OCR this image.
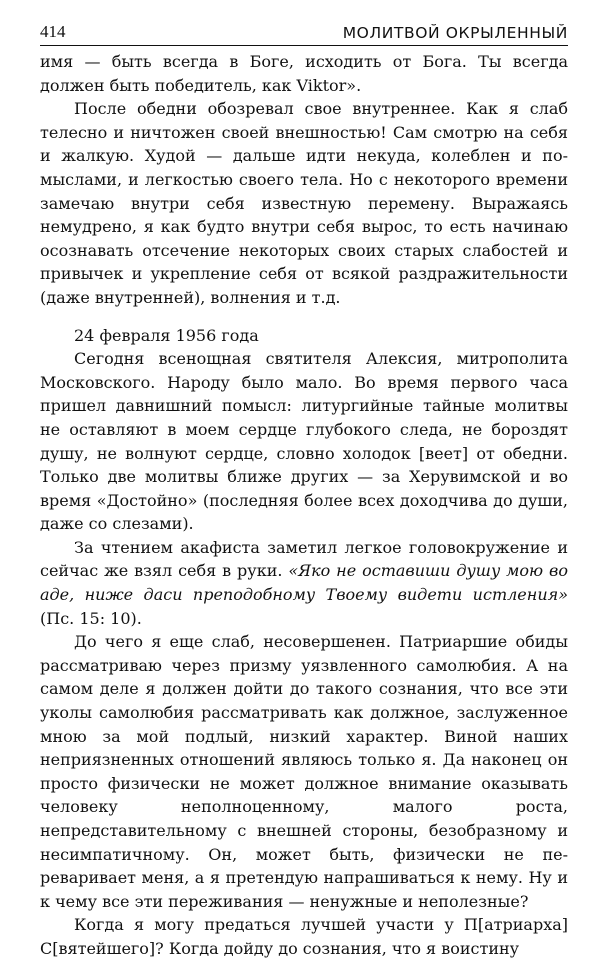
414	МОЛИТВОЙ ОКРЫЛЕННЫЙ

имя — быть всегда в Боге, исходить от Бога. Ты всегда должен быть победитель, как Viktor».

После обедни обозревал свое внутреннее. Как я слаб телесно и ничтожен своей внешностью! Сам смотрю на себя и жалкую. Худой — дальше идти некуда, колеблен и помыслами, и легкостью своего тела. Но с некоторого времени замечаю внутри себя известную перемену. Выражаясь немудрено, я как будто внутри себя вырос, то есть начинаю осознавать отсечение некоторых своих старых слабостей и привычек и укрепление себя от всякой раздражительности (даже внутренней), волнения и т.д.

24 февраля 1956 года

Сегодня всенощная святителя Алексия, митрополита Московского. Народу было мало. Во время первого часа пришел давнишний помысл: литургийные тайные молитвы не оставляют в моем сердце глубокого следа, не бороздят душу, не волнуют сердце, словно холодок [веет] от обедни. Только две молитвы ближе других — за Херувимской и во время «Достойно» (последняя более всех доходчива до души, даже со слезами).

За чтением акафиста заметил легкое головокружение и сейчас же взял себя в руки. «Яко не оставиши душу мою во аде, ниже даси преподобному Твоему видети истления» (Пс. 15: 10).

До чего я еще слаб, несовершенен. Патриаршие обиды рассматриваю через призму уязвленного самолюбия. А на самом деле я должен дойти до такого сознания, что все эти уколы самолюбия рассматривать как должное, заслуженное мною за мой подлый, низкий характер. Виной наших неприязненных отношений являюсь только я. Да наконец он просто физически не может должное внимание оказывать человеку неполноценному, малого роста, непредставительному с внешней стороны, безобразному и несимпатичному. Он, может быть, физически не переваривает меня, а я претендую напрашиваться к нему. Ну и к чему все эти переживания — ненужные и неполезные?

Когда я могу предаться лучшей участи у П[атриарха] С[вятейшего]? Когда дойду до сознания, что я воистину
